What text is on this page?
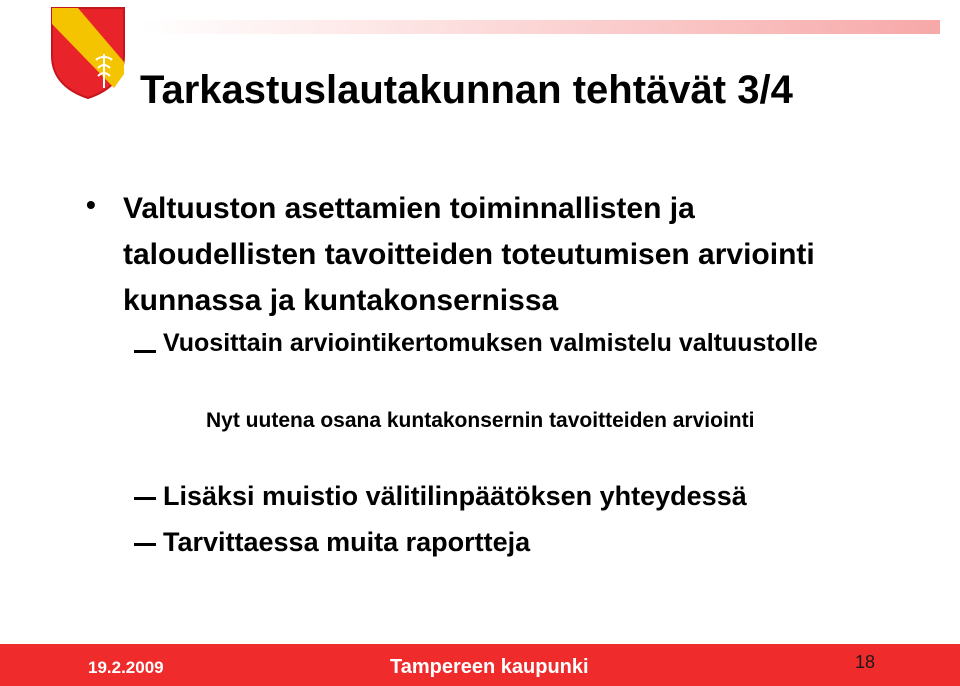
Tarkastuslautakunnan tehtävät 3/4
• Valtuuston asettamien toiminnallisten ja taloudellisten tavoitteiden toteutumisen arviointi kunnassa ja kuntakonsernissa
Vuosittain arviointikertomuksen valmistelu valtuustolle
Nyt uutena osana kuntakonsernin tavoitteiden arviointi
Lisäksi muistio välitilinpäätöksen yhteydessä
Tarvittaessa muita raportteja
19.2.2009	Tampereen kaupunki	18
